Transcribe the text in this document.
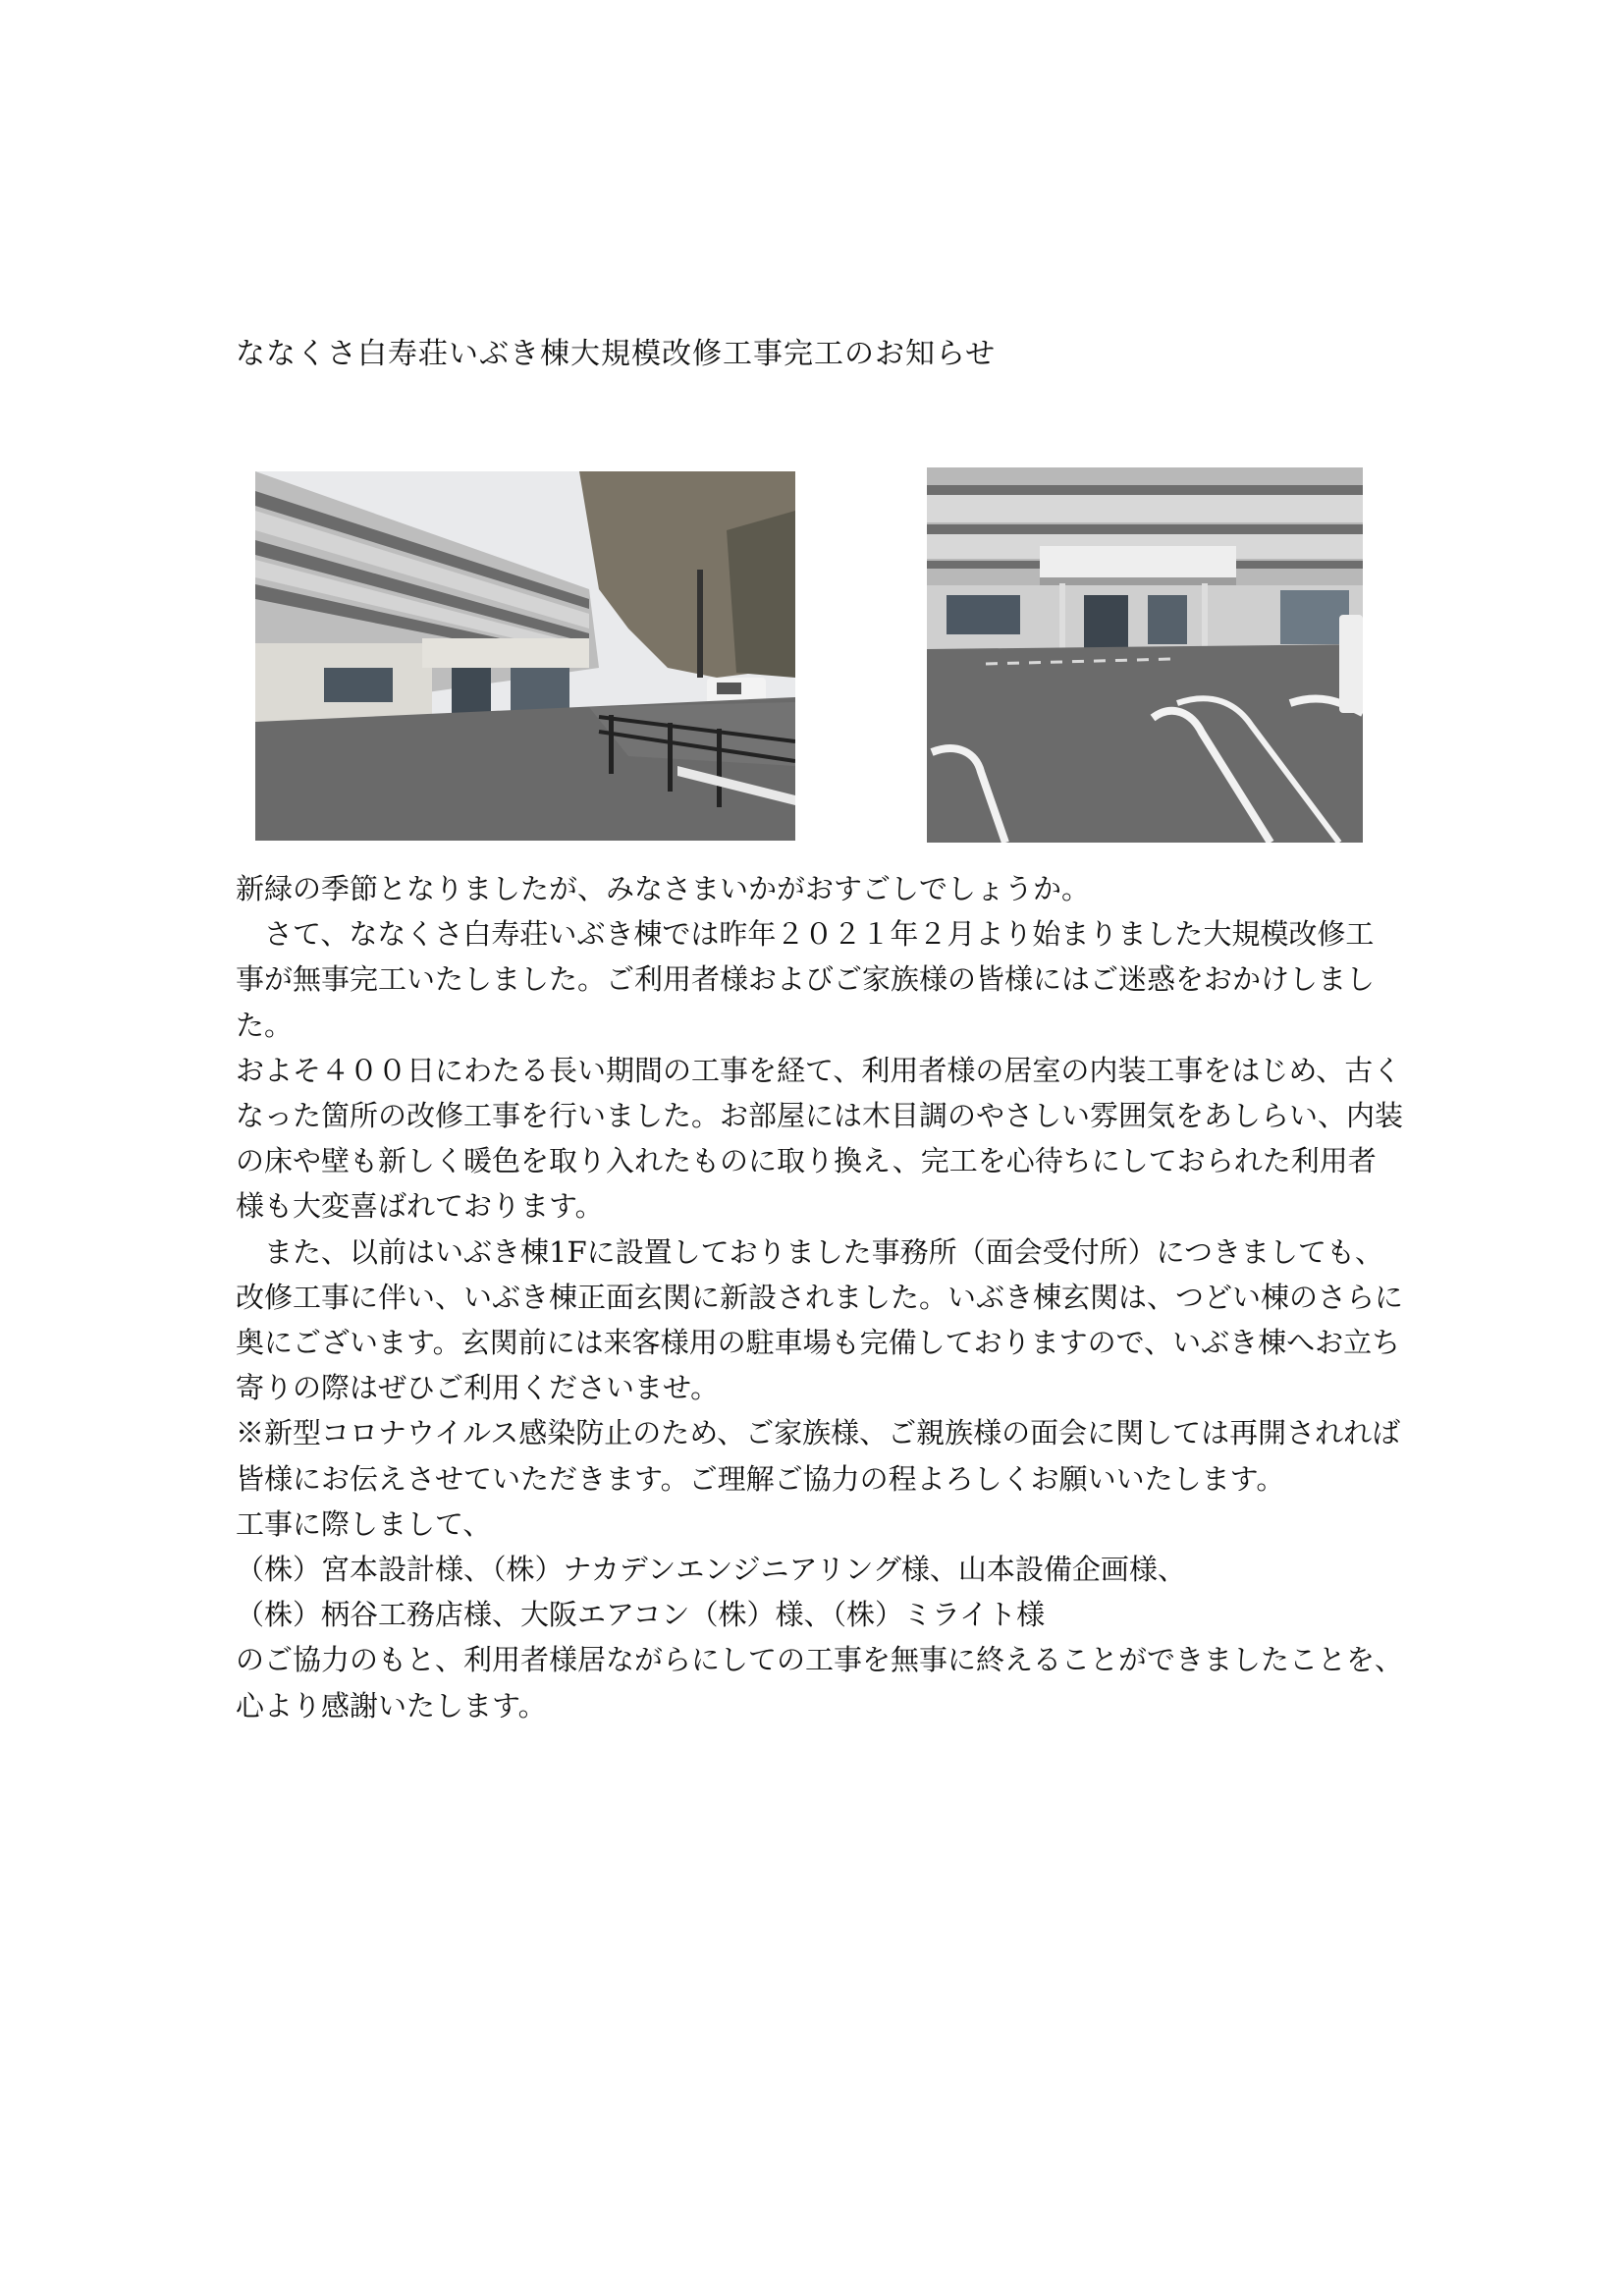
ななくさ白寿荘いぶき棟大規模改修工事完工のお知らせ

新緑の季節となりましたが、みなさまいかがおすごしでしょうか。

　さて、ななくさ白寿荘いぶき棟では昨年２０２１年２月より始まりました大規模改修工

事が無事完工いたしました。ご利用者様およびご家族様の皆様にはご迷惑をおかけしまし

た。

およそ４００日にわたる長い期間の工事を経て、利用者様の居室の内装工事をはじめ、古く

なった箇所の改修工事を行いました。お部屋には木目調のやさしい雰囲気をあしらい、内装

の床や壁も新しく暖色を取り入れたものに取り換え、完工を心待ちにしておられた利用者

様も大変喜ばれております。

　また、以前はいぶき棟1Fに設置しておりました事務所（面会受付所）につきましても、

改修工事に伴い、いぶき棟正面玄関に新設されました。いぶき棟玄関は、つどい棟のさらに

奥にございます。玄関前には来客様用の駐車場も完備しておりますので、いぶき棟へお立ち

寄りの際はぜひご利用くださいませ。

※新型コロナウイルス感染防止のため、ご家族様、ご親族様の面会に関しては再開されれば

皆様にお伝えさせていただきます。ご理解ご協力の程よろしくお願いいたします。

工事に際しまして、

（株）宮本設計様、（株）ナカデンエンジニアリング様、山本設備企画様、

（株）柄谷工務店様、大阪エアコン（株）様、（株）ミライト様

のご協力のもと、利用者様居ながらにしての工事を無事に終えることができましたことを、

心より感謝いたします。
